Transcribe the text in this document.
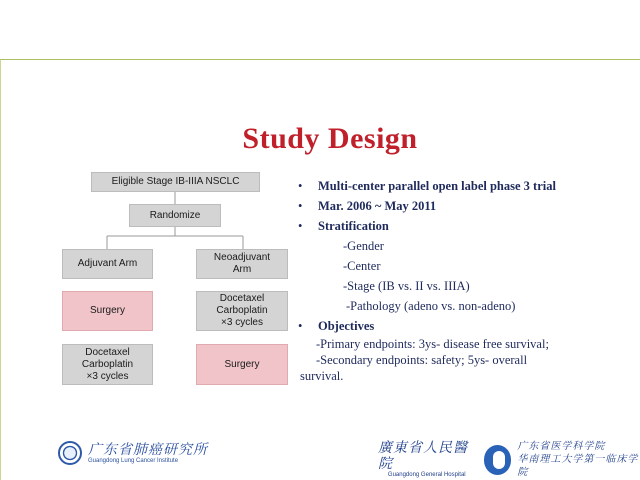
Study Design
Eligible Stage IB-IIIA NSCLC
Randomize
Adjuvant Arm
Neoadjuvant
Arm
Surgery
Docetaxel
Carboplatin
×3 cycles
Docetaxel
Carboplatin
×3 cycles
Surgery
• Multi-center parallel open label phase 3 trial
• Mar. 2006 ~ May 2011
• Stratification
-Gender
-Center
-Stage (IB vs. II vs. IIIA)
-Pathology (adeno vs. non-adeno)
• Objectives
-Primary endpoints: 3ys- disease free survival;
-Secondary endpoints: safety; 5ys- overall
survival.
广东省肺癌研究所
Guangdong Lung Cancer Institute
廣東省人民醫院
Guangdong General Hospital
广东省医学科学院
华南理工大学第一临床学院
